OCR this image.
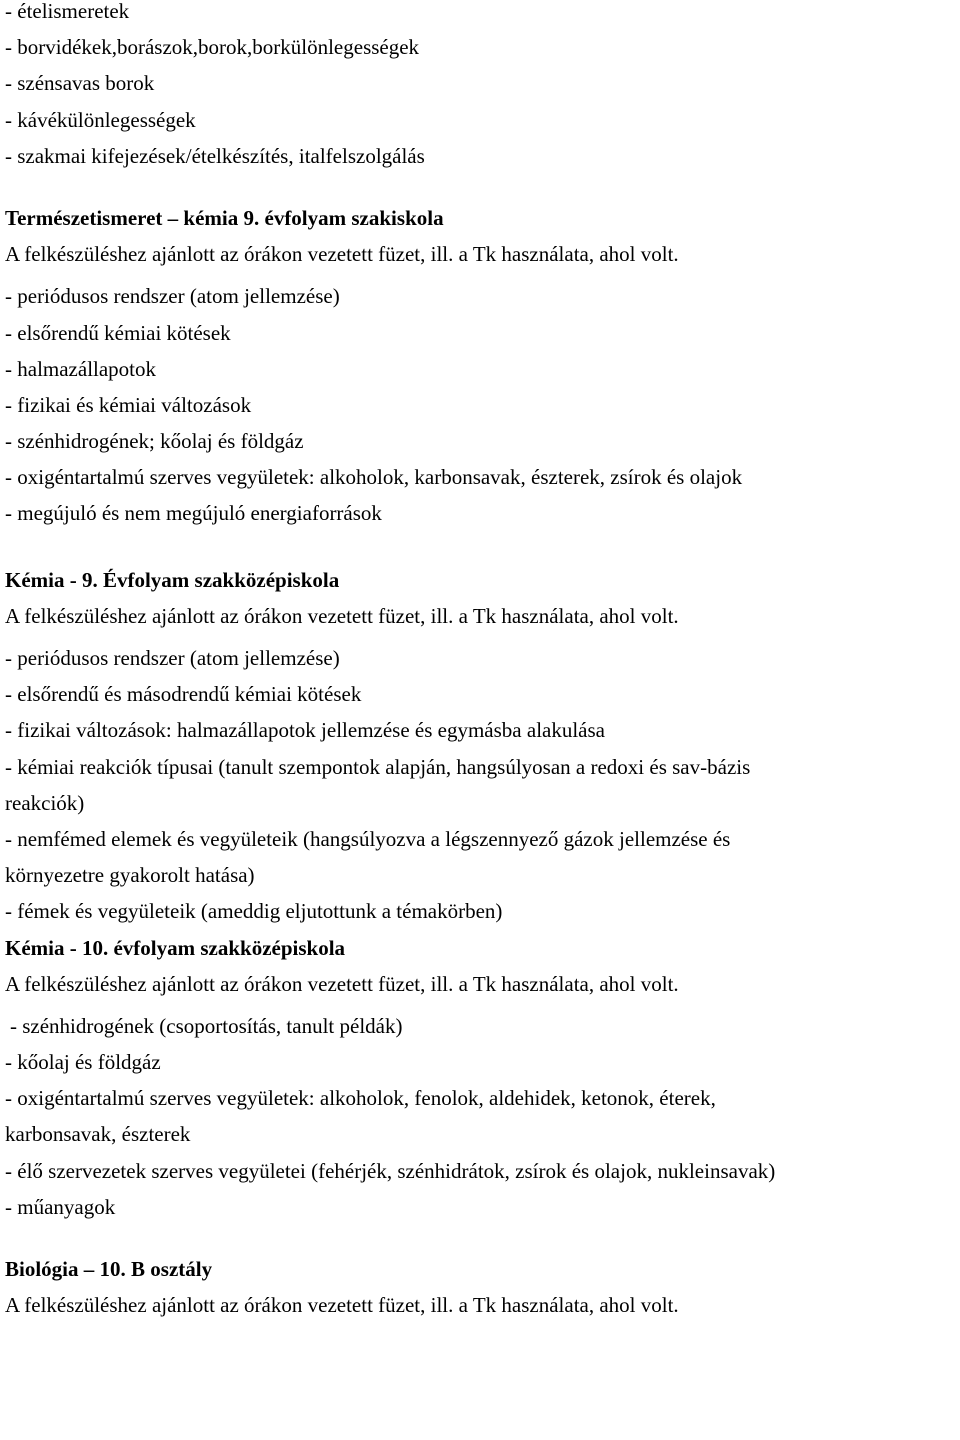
- ételismeretek
- borvidékek,borászok,borok,borkülönlegességek
- szénsavas borok
- kávékülönlegességek
- szakmai kifejezések/ételkészítés, italfelszolgálás
Természetismeret – kémia 9. évfolyam szakiskola
A felkészüléshez ajánlott az órákon vezetett füzet, ill. a Tk használata, ahol volt.
- periódusos rendszer (atom jellemzése)
- elsőrendű kémiai kötések
- halmazállapotok
- fizikai és kémiai változások
- szénhidrogének; kőolaj és földgáz
- oxigéntartalmú szerves vegyületek: alkoholok, karbonsavak, észterek, zsírok és olajok
- megújuló és nem megújuló energiaforrások
Kémia - 9. Évfolyam szakközépiskola
A felkészüléshez ajánlott az órákon vezetett füzet, ill. a Tk használata, ahol volt.
- periódusos rendszer (atom jellemzése)
- elsőrendű és másodrendű kémiai kötések
- fizikai változások: halmazállapotok jellemzése és egymásba alakulása
- kémiai reakciók típusai (tanult szempontok alapján, hangsúlyosan a redoxi és sav-bázis
reakciók)
- nemfémed elemek és vegyületeik (hangsúlyozva a légszennyező gázok jellemzése és
környezetre gyakorolt hatása)
- fémek és vegyületeik (ameddig eljutottunk a témakörben)
Kémia - 10. évfolyam szakközépiskola
A felkészüléshez ajánlott az órákon vezetett füzet, ill. a Tk használata, ahol volt.
- szénhidrogének (csoportosítás, tanult példák)
- kőolaj és földgáz
- oxigéntartalmú szerves vegyületek: alkoholok, fenolok, aldehidek, ketonok, éterek,
karbonsavak, észterek
- élő szervezetek szerves vegyületei (fehérjék, szénhidrátok, zsírok és olajok, nukleinsavak)
- műanyagok
Biológia – 10. B osztály
A felkészüléshez ajánlott az órákon vezetett füzet, ill. a Tk használata, ahol volt.
